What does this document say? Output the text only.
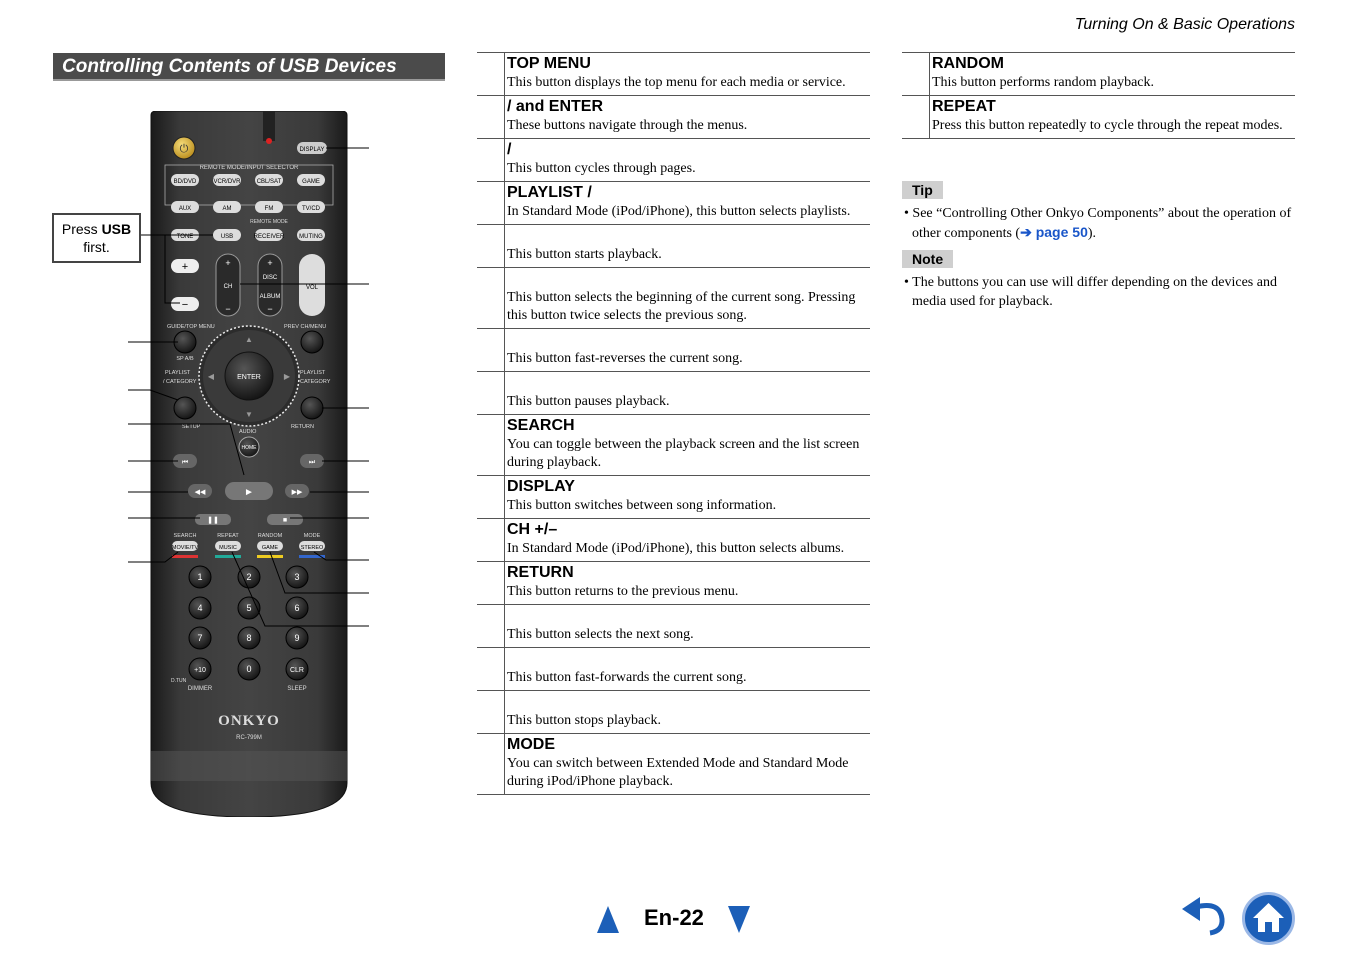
Turning On & Basic Operations
Controlling Contents of USB Devices
Press USB
first.
⏻	DISPLAY
REMOTE MODE/INPUT SELECTOR
BD/DVD	VCR/DVR	CBL/SAT	GAME
AUX	AM	FM	TV/CD
TONE	USB	RECEIVER MUTING
REMOTE MODE
+
−
+
CH
−
+
DISC
ALBUM
−
VOL
GUIDE/TOP MENU	PREV CH/MENU
SP A/B
ENTER
▲
▼
◀	▶
PLAYLIST
/ CATEGORY
PLAYLIST
CATEGORY
SETUP	RETURN
AUDIO
HOME
⏮	⏭
◀◀	▶▶
►
❚❚	■
SEARCH	REPEAT	RANDOM	MODE
MOVIE/TV	MUSIC	GAME	STEREO
1	2	3
4	5	6
7	8	9
+10	0	CLR
D.TUN
DIMMER	SLEEP
ONKYO
RC-799M
TOP MENU
This button displays the top menu for each media or service.
/ and ENTER
These buttons navigate through the menus.
/
This button cycles through pages.
PLAYLIST /
In Standard Mode (iPod/iPhone), this button selects playlists.
This button starts playback.
This button selects the beginning of the current song. Pressing this button twice selects the previous song.
This button fast-reverses the current song.
This button pauses playback.
SEARCH
You can toggle between the playback screen and the list screen during playback.
DISPLAY
This button switches between song information.
CH +/–
In Standard Mode (iPod/iPhone), this button selects albums.
RETURN
This button returns to the previous menu.
This button selects the next song.
This button fast-forwards the current song.
This button stops playback.
MODE
You can switch between Extended Mode and Standard Mode during iPod/iPhone playback.
RANDOM
This button performs random playback.
REPEAT
Press this button repeatedly to cycle through the repeat modes.
Tip
• See “Controlling Other Onkyo Components” about the operation of other components (➔ page 50).
Note
• The buttons you can use will differ depending on the devices and media used for playback.
En-22
